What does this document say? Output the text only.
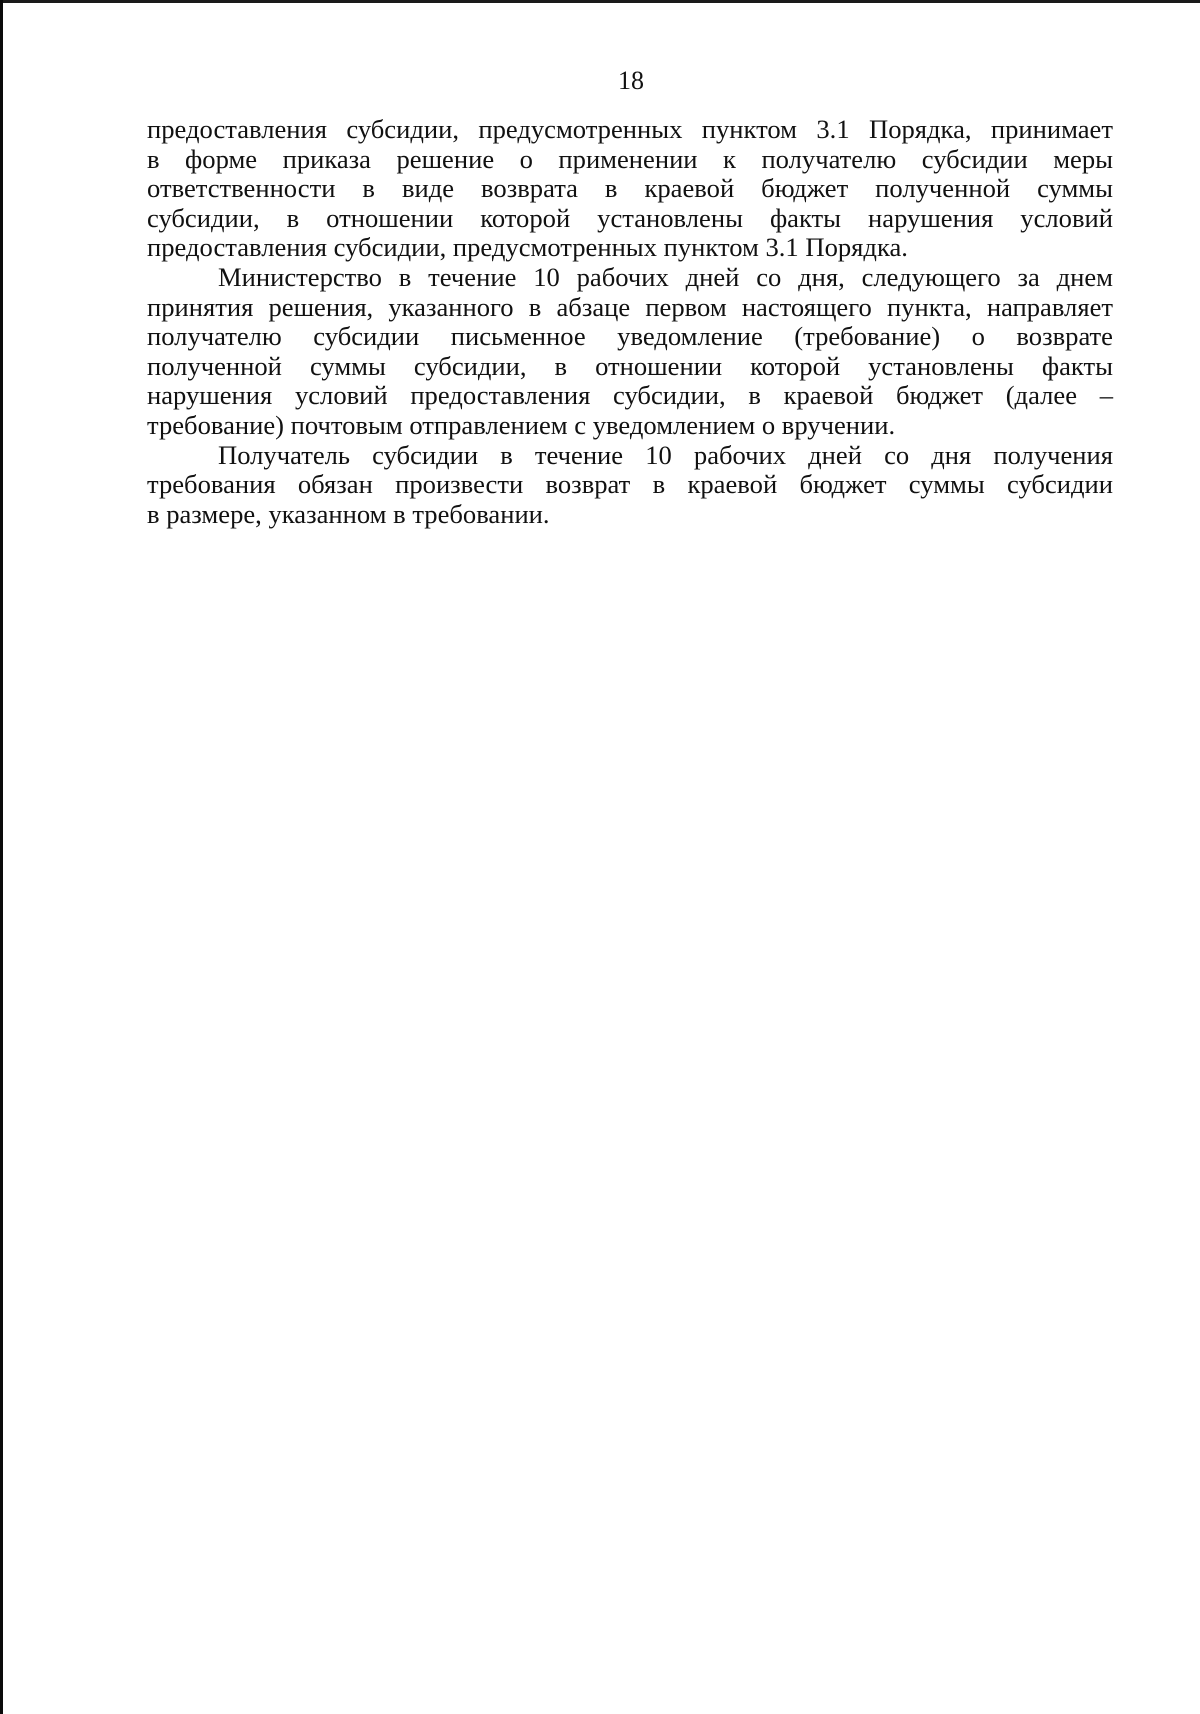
18
предоставления субсидии, предусмотренных пунктом 3.1 Порядка, принимает
в форме приказа решение о применении к получателю субсидии меры
ответственности в виде возврата в краевой бюджет полученной суммы
субсидии, в отношении которой установлены факты нарушения условий
предоставления субсидии, предусмотренных пунктом 3.1 Порядка.
Министерство в течение 10 рабочих дней со дня, следующего за днем
принятия решения, указанного в абзаце первом настоящего пункта, направляет
получателю субсидии письменное уведомление (требование) о возврате
полученной суммы субсидии, в отношении которой установлены факты
нарушения условий предоставления субсидии, в краевой бюджет (далее –
требование) почтовым отправлением с уведомлением о вручении.
Получатель субсидии в течение 10 рабочих дней со дня получения
требования обязан произвести возврат в краевой бюджет суммы субсидии
в размере, указанном в требовании.
